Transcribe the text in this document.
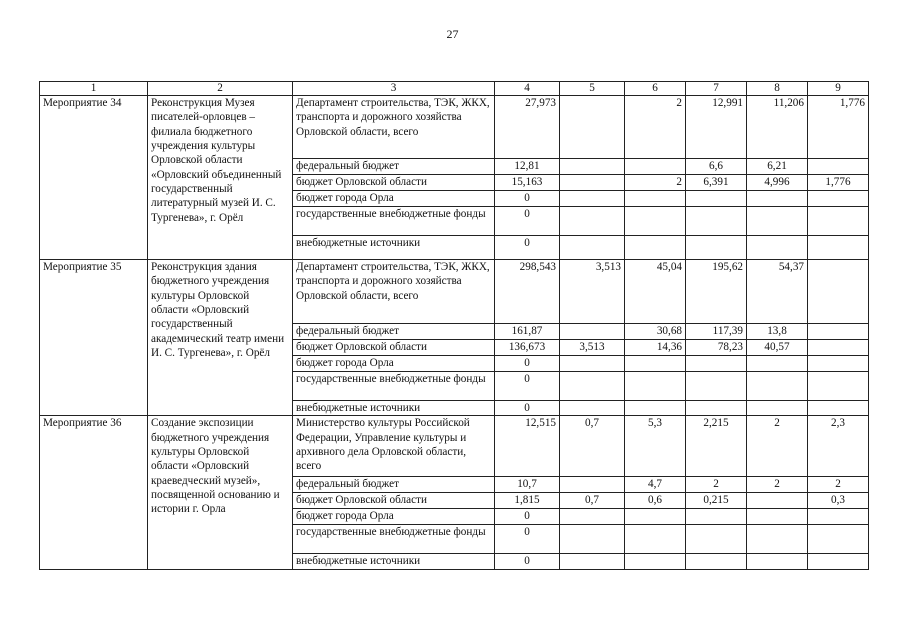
27
1	2	3	4	5	6	7	8	9
Мероприятие 34	Реконструкция Музея писателей-орловцев – филиала бюджетного учреждения культуры Орловской области «Орловский объединенный государственный литературный музей И. С. Тургенева», г. Орёл	Департамент строительства, ТЭК, ЖКХ, транспорта и дорожного хозяйства Орловской области, всего	27,973		2	12,991	11,206	1,776
		федеральный бюджет	12,81			6,6	6,21	
		бюджет Орловской области	15,163		2	6,391	4,996	1,776
		бюджет города Орла	0					
		государственные внебюджетные фонды	0					
		внебюджетные источники	0					
Мероприятие 35	Реконструкция здания бюджетного учреждения культуры Орловской области «Орловский государственный академический театр имени И. С. Тургенева», г. Орёл	Департамент строительства, ТЭК, ЖКХ, транспорта и дорожного хозяйства Орловской области, всего	298,543	3,513	45,04	195,62	54,37	
		федеральный бюджет	161,87		30,68	117,39	13,8	
		бюджет Орловской области	136,673	3,513	14,36	78,23	40,57	
		бюджет города Орла	0					
		государственные внебюджетные фонды	0					
		внебюджетные источники	0					
Мероприятие 36	Создание экспозиции бюджетного учреждения культуры Орловской области «Орловский краеведческий музей», посвященной основанию и истории г. Орла	Министерство культуры Российской Федерации, Управление культуры и архивного дела Орловской области, всего	12,515	0,7	5,3	2,215	2	2,3
		федеральный бюджет	10,7		4,7	2	2	2
		бюджет Орловской области	1,815	0,7	0,6	0,215		0,3
		бюджет города Орла	0					
		государственные внебюджетные фонды	0					
		внебюджетные источники	0					
